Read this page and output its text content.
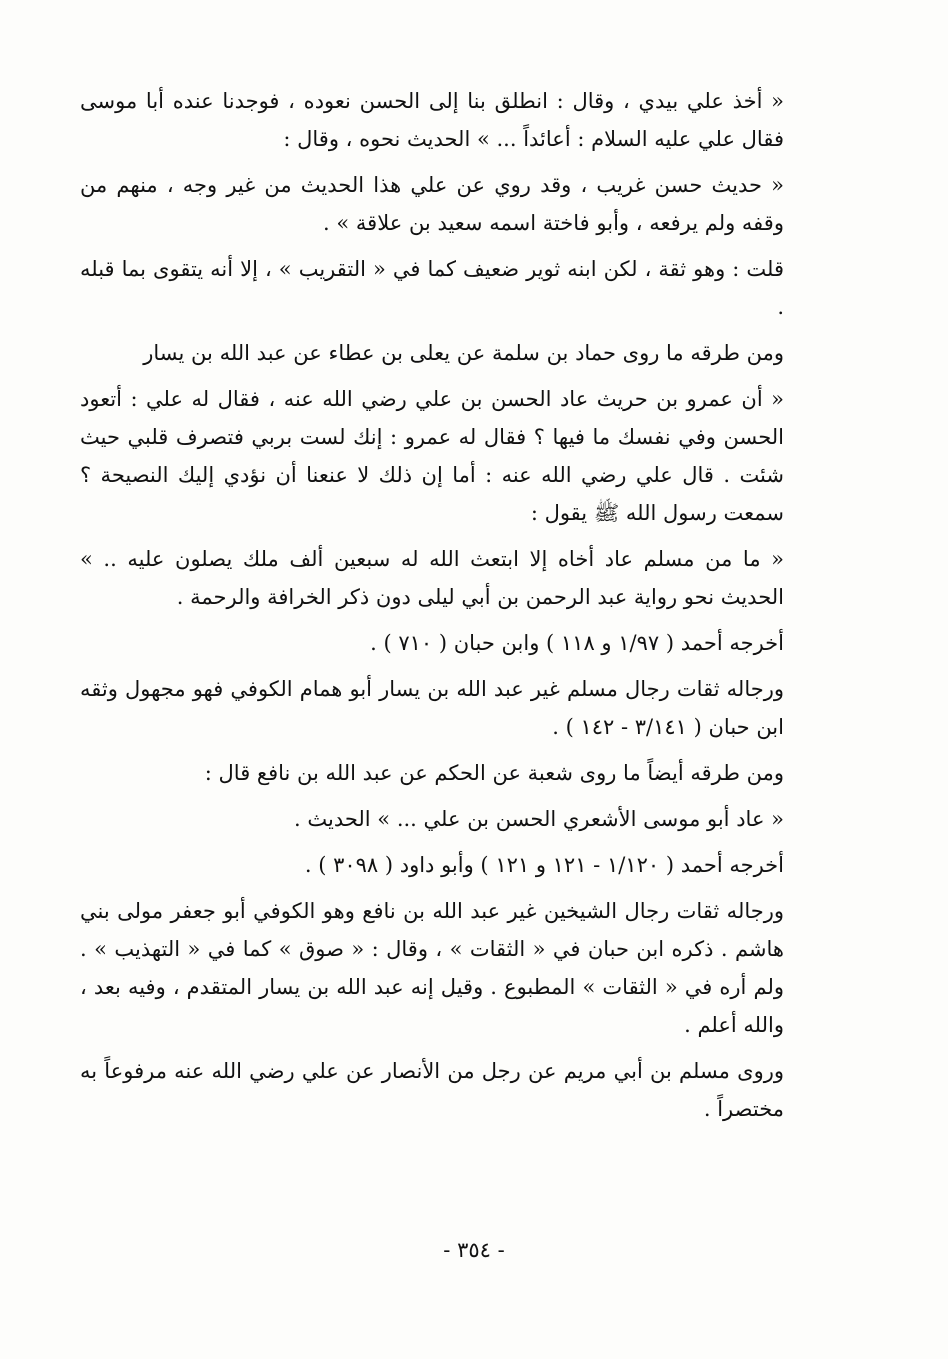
« أخذ علي بيدي ، وقال : انطلق بنا إلى الحسن نعوده ، فوجدنا عنده أبا موسى فقال علي عليه السلام : أعائداً ... » الحديث نحوه ، وقال :

« حديث حسن غريب ، وقد روي عن علي هذا الحديث من غير وجه ، منهم من وقفه ولم يرفعه ، وأبو فاختة اسمه سعيد بن علاقة » .

قلت : وهو ثقة ، لكن ابنه ثوير ضعيف كما في « التقريب » ، إلا أنه يتقوى بما قبله .

ومن طرقه ما روى حماد بن سلمة عن يعلى بن عطاء عن عبد الله بن يسار

« أن عمرو بن حريث عاد الحسن بن علي رضي الله عنه ، فقال له علي : أتعود الحسن وفي نفسك ما فيها ؟ فقال له عمرو : إنك لست بربي فتصرف قلبي حيث شئت . قال علي رضي الله عنه : أما إن ذلك لا عنعنا أن نؤدي إليك النصيحة ؟ سمعت رسول الله ﷺ يقول :

« ما من مسلم عاد أخاه إلا ابتعث الله له سبعين ألف ملك يصلون عليه .. » الحديث نحو رواية عبد الرحمن بن أبي ليلى دون ذكر الخرافة والرحمة .

أخرجه أحمد ( ١/٩٧ و ١١٨ ) وابن حبان ( ٧١٠ ) .

ورجاله ثقات رجال مسلم غير عبد الله بن يسار أبو همام الكوفي فهو مجهول وثقه ابن حبان ( ٣/١٤١ - ١٤٢ ) .

ومن طرقه أيضاً ما روى شعبة عن الحكم عن عبد الله بن نافع قال :

« عاد أبو موسى الأشعري الحسن بن علي ... » الحديث .

أخرجه أحمد ( ١/١٢٠ - ١٢١ و ١٢١ ) وأبو داود ( ٣٠٩٨ ) .

ورجاله ثقات رجال الشيخين غير عبد الله بن نافع وهو الكوفي أبو جعفر مولى بني هاشم . ذكره ابن حبان في « الثقات » ، وقال : « صوق » كما في « التهذيب » . ولم أره في « الثقات » المطبوع . وقيل إنه عبد الله بن يسار المتقدم ، وفيه بعد ، والله أعلم .

وروى مسلم بن أبي مريم عن رجل من الأنصار عن علي رضي الله عنه مرفوعاً به مختصراً .

- ٣٥٤ -
